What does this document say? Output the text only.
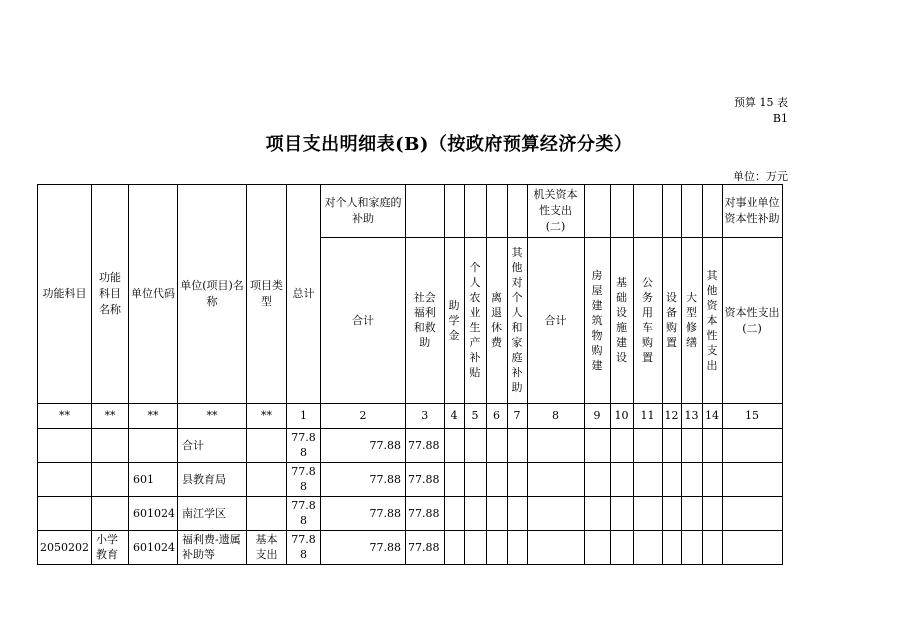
预算 15 表
B1
项目支出明细表(B)（按政府预算经济分类）
单位：万元
功能科目	功能科目名称	单位代码	单位(项目)名称	项目类型	总计	对个人和家庭的补助						机关资本性支出(二)							对事业单位资本性补助
						合计	社会福利和救助	助学金	个人农业生产补贴	离退休费	其他对个人和家庭补助	合计	房屋建筑物购建	基础设施建设	公务用车购置	设备购置	大型修缮	其他资本性支出	资本性支出(二)
**	**	**	**	**	1	2	3	4	5	6	7	8	9	10	11	12	13	14	15
			合计		77.88	77.88	77.88												
		601	县教育局		77.88	77.88	77.88												
		601024	南江学区		77.88	77.88	77.88												
2050202	小学教育	601024	福利费-遗属补助等	基本支出	77.88	77.88	77.88												
